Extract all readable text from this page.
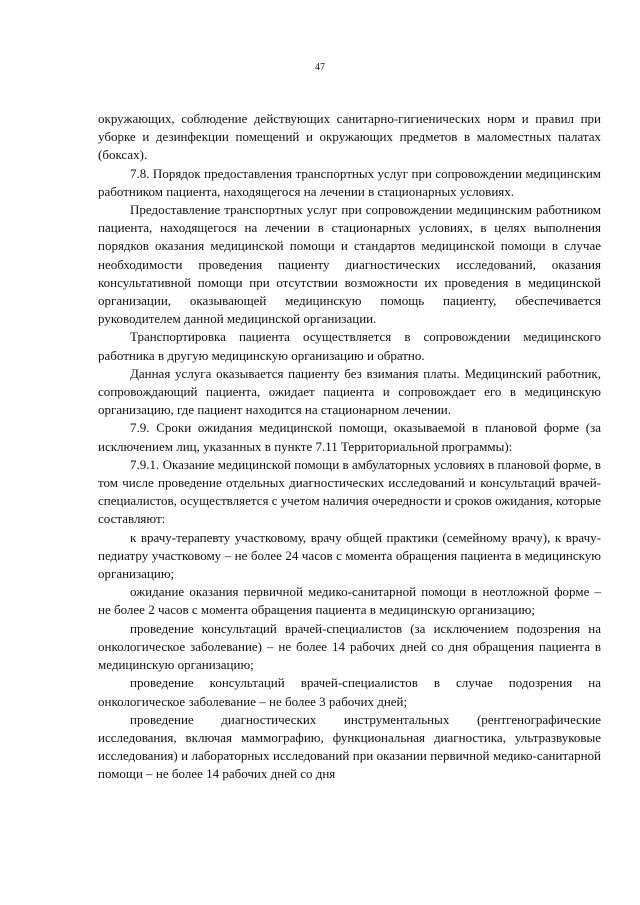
47

окружающих, соблюдение действующих санитарно-гигиенических норм и правил при уборке и дезинфекции помещений и окружающих предметов в маломестных палатах (боксах).

7.8. Порядок предоставления транспортных услуг при сопровождении медицинским работником пациента, находящегося на лечении в стационарных условиях.

Предоставление транспортных услуг при сопровождении медицинским работником пациента, находящегося на лечении в стационарных условиях, в целях выполнения порядков оказания медицинской помощи и стандартов медицинской помощи в случае необходимости проведения пациенту диагностических исследований, оказания консультативной помощи при отсутствии возможности их проведения в медицинской организации, оказывающей медицинскую помощь пациенту, обеспечивается руководителем данной медицинской организации.

Транспортировка пациента осуществляется в сопровождении медицинского работника в другую медицинскую организацию и обратно.

Данная услуга оказывается пациенту без взимания платы. Медицинский работник, сопровождающий пациента, ожидает пациента и сопровождает его в медицинскую организацию, где пациент находится на стационарном лечении.

7.9. Сроки ожидания медицинской помощи, оказываемой в плановой форме (за исключением лиц, указанных в пункте 7.11 Территориальной программы):

7.9.1. Оказание медицинской помощи в амбулаторных условиях в плановой форме, в том числе проведение отдельных диагностических исследований и консультаций врачей-специалистов, осуществляется с учетом наличия очередности и сроков ожидания, которые составляют:

к врачу-терапевту участковому, врачу общей практики (семейному врачу), к врачу-педиатру участковому – не более 24 часов с момента обращения пациента в медицинскую организацию;

ожидание оказания первичной медико-санитарной помощи в неотложной форме – не более 2 часов с момента обращения пациента в медицинскую организацию;

проведение консультаций врачей-специалистов (за исключением подозрения на онкологическое заболевание) – не более 14 рабочих дней со дня обращения пациента в медицинскую организацию;

проведение консультаций врачей-специалистов в случае подозрения на онкологическое заболевание – не более 3 рабочих дней;

проведение диагностических инструментальных (рентгенографические исследования, включая маммографию, функциональная диагностика, ультразвуковые исследования) и лабораторных исследований при оказании первичной медико-санитарной помощи – не более 14 рабочих дней со дня
